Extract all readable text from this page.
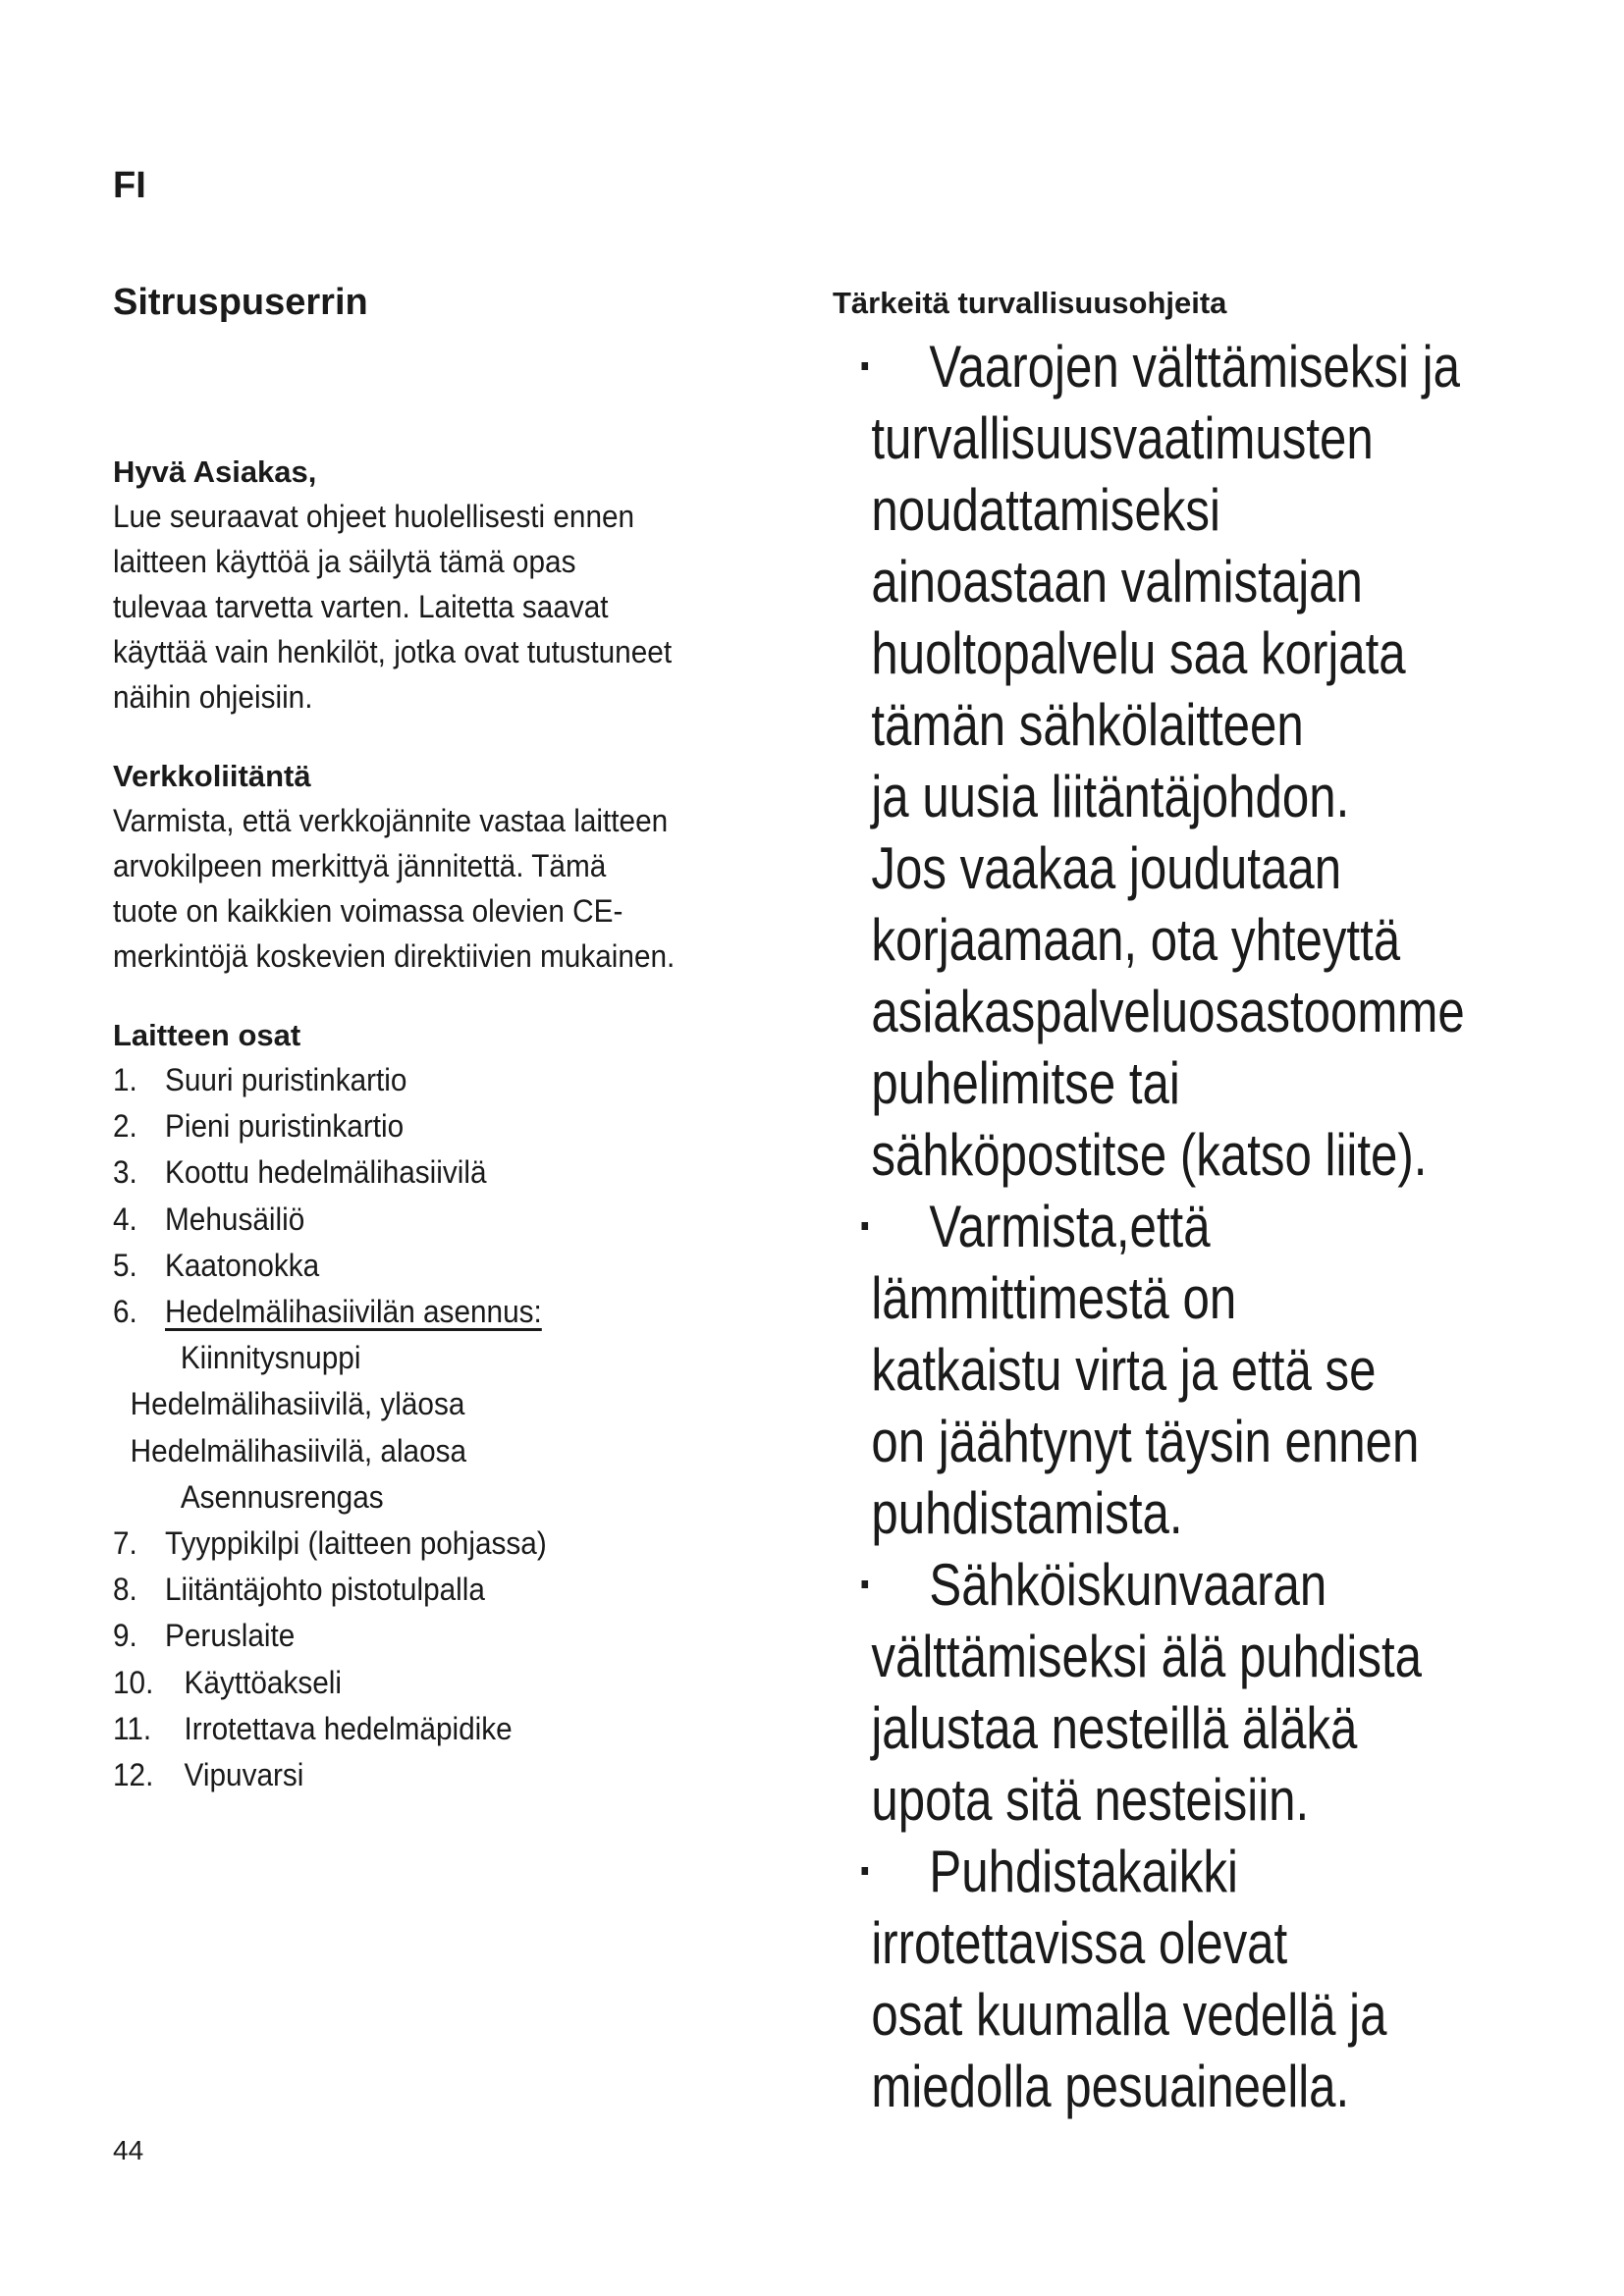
FI
Sitruspuserrin
Hyvä Asiakas,

Lue seuraavat ohjeet huolellisesti ennen

laitteen käyttöä ja säilytä tämä opas

tulevaa tarvetta varten. Laitetta saavat

käyttää vain henkilöt, jotka ovat tutustuneet

näihin ohjeisiin.

Verkkoliitäntä

Varmista, että verkkojännite vastaa laitteen

arvokilpeen merkittyä jännitettä. Tämä

tuote on kaikkien voimassa olevien CE-

merkintöjä koskevien direktiivien mukainen.

Laitteen osat
1. Suuri puristinkartio
2. Pieni puristinkartio
3. Koottu hedelmälihasiivilä
4. Mehusäiliö
5. Kaatonokka
6. Hedelmälihasiivilän asennus:
Kiinnitysnuppi
Hedelmälihasiivilä, yläosa
Hedelmälihasiivilä, alaosa
Asennusrengas
7. Tyyppikilpi (laitteen pohjassa)
8. Liitäntäjohto pistotulpalla
9. Peruslaite
10. Käyttöakseli
11. Irrotettava hedelmäpidike
12. Vipuvarsi
Tärkeitä turvallisuusohjeita
Vaarojen välttämiseksi ja
turvallisuusvaatimusten
noudattamiseksi
ainoastaan valmistajan
huoltopalvelu saa korjata
tämän sähkölaitteen
ja uusia liitäntäjohdon.
Jos vaakaa joudutaan
korjaamaan, ota yhteyttä
asiakaspalveluosastoomme
puhelimitse tai
sähköpostitse (katso liite).
Varmista,että
lämmittimestä on
katkaistu virta ja että se
on jäähtynyt täysin ennen
puhdistamista.
Sähköiskunvaaran
välttämiseksi älä puhdista
jalustaa nesteillä äläkä
upota sitä nesteisiin.
Puhdistakaikki
irrotettavissa olevat
osat kuumalla vedellä ja
miedolla pesuaineella.
44
